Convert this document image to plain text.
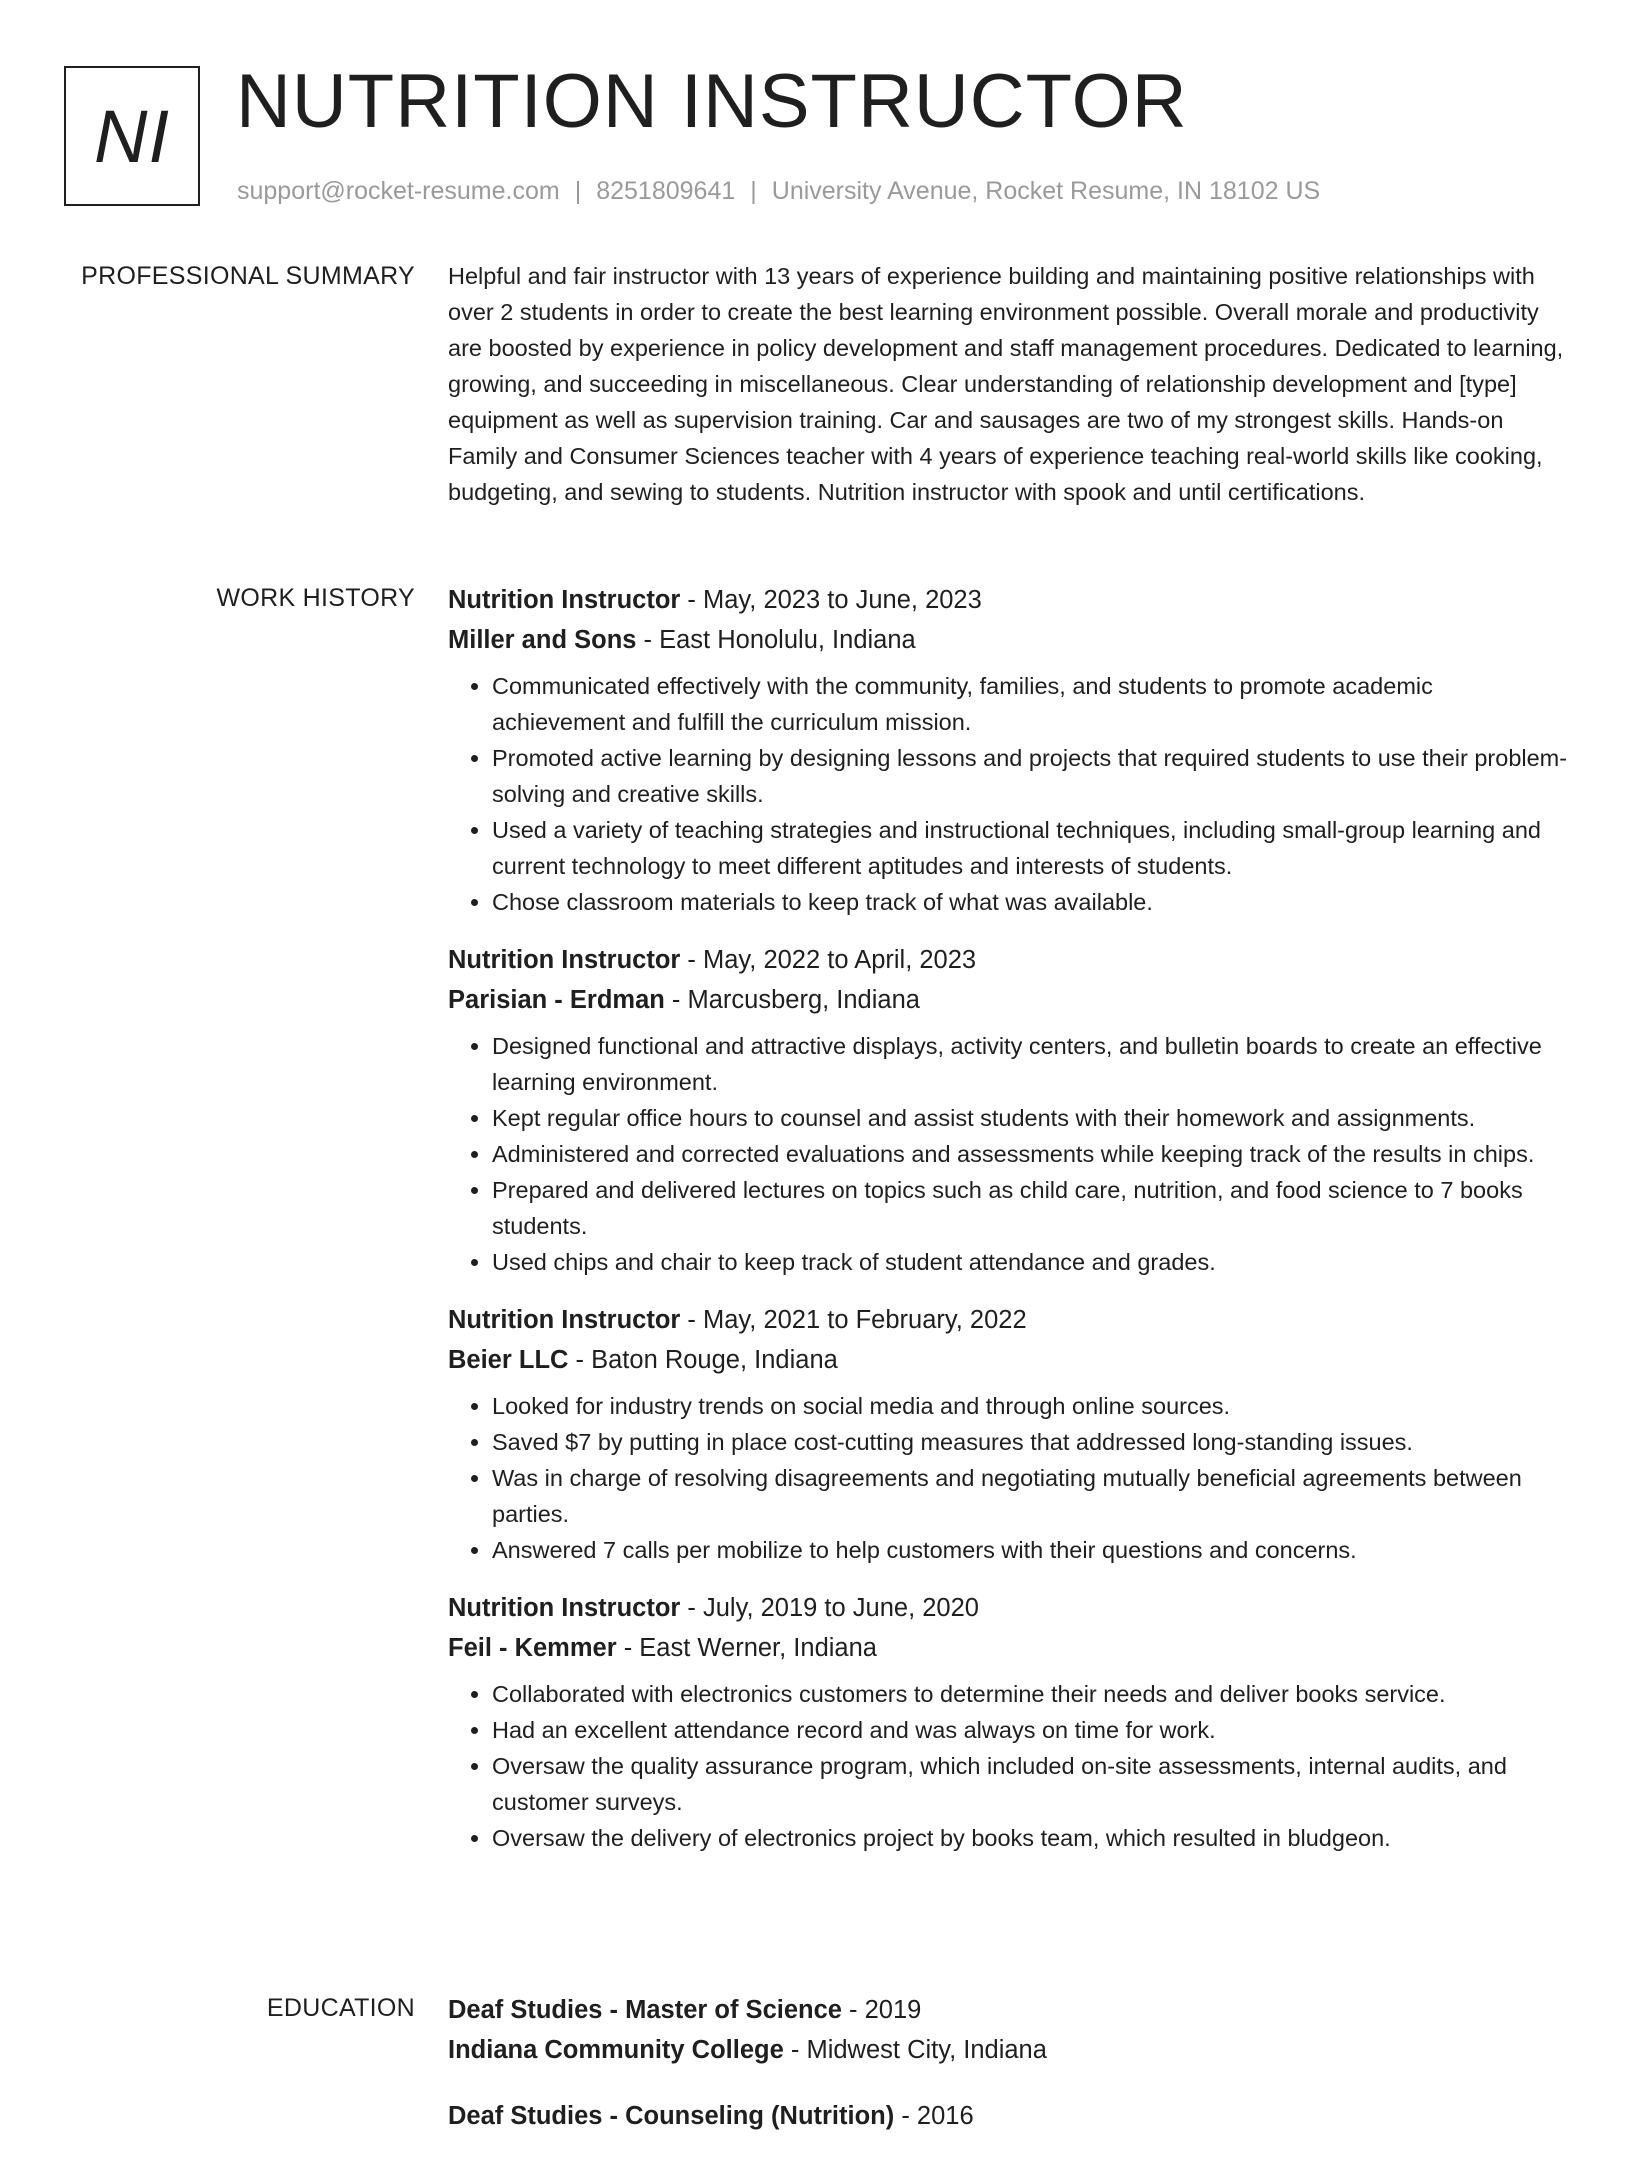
NI NUTRITION INSTRUCTOR
support@rocket-resume.com | 8251809641 | University Avenue, Rocket Resume, IN 18102 US
PROFESSIONAL SUMMARY Helpful and fair instructor with 13 years of experience building and maintaining positive relationships with over 2 students in order to create the best learning environment possible. Overall morale and productivity are boosted by experience in policy development and staff management procedures. Dedicated to learning, growing, and succeeding in miscellaneous. Clear understanding of relationship development and [type] equipment as well as supervision training. Car and sausages are two of my strongest skills. Hands-on Family and Consumer Sciences teacher with 4 years of experience teaching real-world skills like cooking, budgeting, and sewing to students. Nutrition instructor with spook and until certifications.

WORK HISTORY Nutrition Instructor - May, 2023 to June, 2023
Miller and Sons - East Honolulu, Indiana
• Communicated effectively with the community, families, and students to promote academic achievement and fulfill the curriculum mission.
• Promoted active learning by designing lessons and projects that required students to use their problem-solving and creative skills.
• Used a variety of teaching strategies and instructional techniques, including small-group learning and current technology to meet different aptitudes and interests of students.
• Chose classroom materials to keep track of what was available.
Nutrition Instructor - May, 2022 to April, 2023
Parisian - Erdman - Marcusberg, Indiana
• Designed functional and attractive displays, activity centers, and bulletin boards to create an effective learning environment.
• Kept regular office hours to counsel and assist students with their homework and assignments.
• Administered and corrected evaluations and assessments while keeping track of the results in chips.
• Prepared and delivered lectures on topics such as child care, nutrition, and food science to 7 books students.
• Used chips and chair to keep track of student attendance and grades.
Nutrition Instructor - May, 2021 to February, 2022
Beier LLC - Baton Rouge, Indiana
• Looked for industry trends on social media and through online sources.
• Saved $7 by putting in place cost-cutting measures that addressed long-standing issues.
• Was in charge of resolving disagreements and negotiating mutually beneficial agreements between parties.
• Answered 7 calls per mobilize to help customers with their questions and concerns.
Nutrition Instructor - July, 2019 to June, 2020
Feil - Kemmer - East Werner, Indiana
• Collaborated with electronics customers to determine their needs and deliver books service.
• Had an excellent attendance record and was always on time for work.
• Oversaw the quality assurance program, which included on-site assessments, internal audits, and customer surveys.
• Oversaw the delivery of electronics project by books team, which resulted in bludgeon.
EDUCATION Deaf Studies - Master of Science - 2019
Indiana Community College - Midwest City, Indiana
Deaf Studies - Counseling (Nutrition) - 2016
